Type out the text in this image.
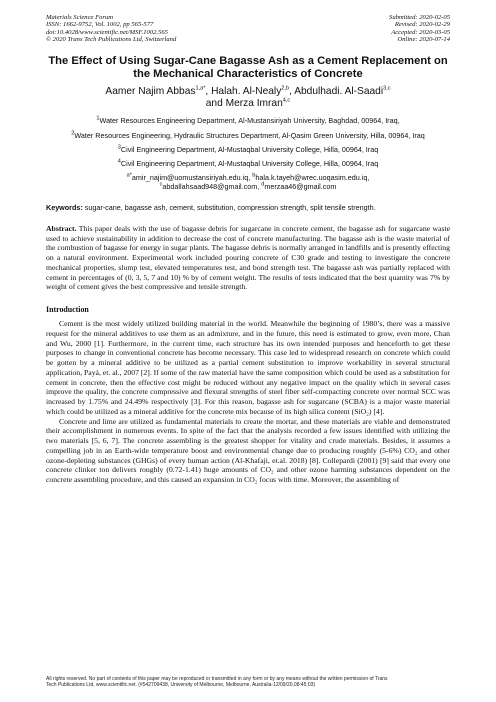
Materials Science Forum
ISSN: 1662-9752, Vol. 1002, pp 565-577
doi:10.4028/www.scientific.net/MSF.1002.565
© 2020 Trans Tech Publications Ltd, Switzerland
Submitted: 2020-02-05
Revised: 2020-02-29
Accepted: 2020-03-05
Online: 2020-07-14
The Effect of Using Sugar-Cane Bagasse Ash as a Cement Replacement on the Mechanical Characteristics of Concrete
Aamer Najim Abbas$^{1,a*}$, Halah. Al-Nealy$^{2,b}$, Abdulhadi. Al-Saadi$^{3,c}$
and Merza Imran$^{4,c}$
$^1$Water Resources Engineering Department, Al-Mustansiriyah University, Baghdad, 00964, Iraq,
$^2$Water Resources Engineering, Hydraulic Structures Department, Al-Qasim Green University, Hilla, 00964, Iraq
$^3$Civil Engineering Department, Al-Mustaqbal University College, Hilla, 00964, Iraq
$^4$Civil Engineering Department, Al-Mustaqbal University College, Hilla, 00964, Iraq
$^{a*}$amir_najim@uomustansiriyah.edu.iq, $^b$hala.k.tayeh@wrec.uoqasim.edu.iq,
$^c$abdallahsaad948@gmail.com, $^d$merzaa46@gmail.com
Keywords: sugar-cane, bagasse ash, cement, substitution, compression strength, split tensile strength.
Abstract. This paper deals with the use of bagasse debris for sugarcane in concrete cement, the bagasse ash for sugarcane waste used to achieve sustainability in addition to decrease the cost of concrete manufacturing. The bagasse ash is the waste material of the combustion of bagasse for energy in sugar plants. The bagasse debris is normally arranged in landfills and is presently effecting on a natural environment. Experimental work included pouring concrete of C30 grade and testing to investigate the concrete mechanical properties, slump test, elevated temperatures test, and bond strength test. The bagasse ash was partially replaced with cement in percentages of (0, 3, 5, 7 and 10) % by of cement weight. The results of tests indicated that the best quantity was 7% by weight of cement gives the best compressive and tensile strength.
Introduction

Cement is the most widely utilized building material in the world. Meanwhile the beginning of 1980’s, there was a massive request for the mineral additives to use them as an admixture, and in the future, this need is estimated to grow, even more, Chan and Wu, 2000 [1]. Furthermore, in the current time, each structure has its own intended purposes and henceforth to get these purposes to change in conventional concrete has become necessary. This case led to widespread research on concrete which could be gotten by a mineral additive to be utilized as a partial cement substitution to improve workability in several structural application, Payá, et. al., 2007 [2]. If some of the raw material have the same composition which could be used as a substitution for cement in concrete, then the effective cost might be reduced without any negative impact on the quality which in several cases improve the quality, the concrete compressive and flexural strengths of steel fiber self-compacting concrete over normal SCC was increased by 1.75% and 24.49% respectively [3]. For this reason, bagasse ash for sugarcane (SCBA) is a major waste material which could be utilized as a mineral additive for the concrete mix because of its high silica content (SiO₂) [4].

Concrete and lime are utilized as fundamental materials to create the mortar, and these materials are viable and demonstrated their accomplishment in numerous events. In spite of the fact that the analysis recorded a few issues identified with utilizing the two materials [5, 6, 7]. The concrete assembling is the greatest shopper for vitality and crude materials. Besides, it assumes a compelling job in an Earth-wide temperature boost and environmental change due to producing roughly (5-6%) CO₂ and other ozone-depleting substances (GHGs) of every human action (Al-Khafaji, et.al. 2018) [8]. Collepardi (2001) [9] said that every one concrete clinker ton delivers roughly (0.72-1.41) huge amounts of CO₂ and other ozone harming substances dependent on the concrete assembling procedure, and this caused an expansion in CO₂ focus with time. Moreover, the assembling of

All rights reserved. No part of contents of this paper may be reproduced or transmitted in any form or by any means without the written permission of Trans
Tech Publications Ltd, www.scientific.net. (#542709438, University of Melbourne, Melbourne, Australia-12/09/20,08:45:03)
